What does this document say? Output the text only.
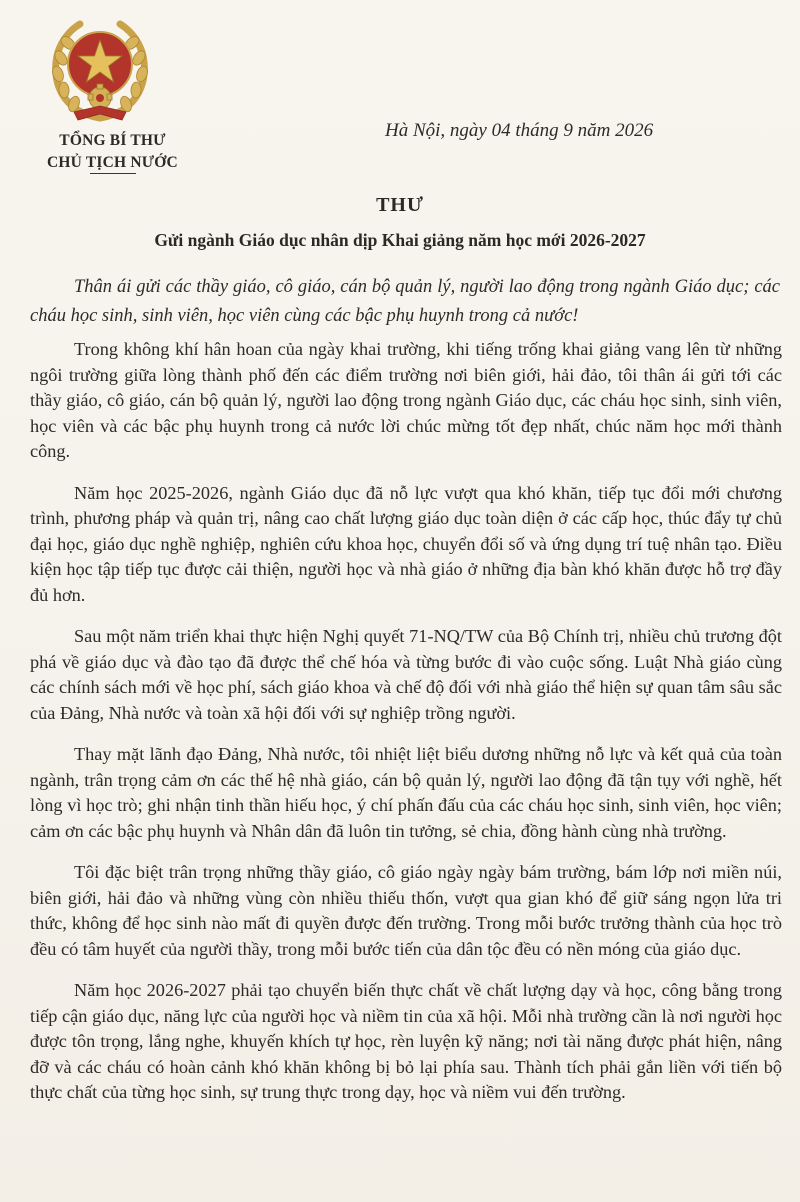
TỔNG BÍ THƯ
CHỦ TỊCH NƯỚC
Hà Nội, ngày 04 tháng 9 năm 2026
THƯ
Gửi ngành Giáo dục nhân dịp Khai giảng năm học mới 2026-2027
Thân ái gửi các thầy giáo, cô giáo, cán bộ quản lý, người lao động trong ngành Giáo dục; các cháu học sinh, sinh viên, học viên cùng các bậc phụ huynh trong cả nước!

Trong không khí hân hoan của ngày khai trường, khi tiếng trống khai giảng vang lên từ những ngôi trường giữa lòng thành phố đến các điểm trường nơi biên giới, hải đảo, tôi thân ái gửi tới các thầy giáo, cô giáo, cán bộ quản lý, người lao động trong ngành Giáo dục, các cháu học sinh, sinh viên, học viên và các bậc phụ huynh trong cả nước lời chúc mừng tốt đẹp nhất, chúc năm học mới thành công.

Năm học 2025-2026, ngành Giáo dục đã nỗ lực vượt qua khó khăn, tiếp tục đổi mới chương trình, phương pháp và quản trị, nâng cao chất lượng giáo dục toàn diện ở các cấp học, thúc đẩy tự chủ đại học, giáo dục nghề nghiệp, nghiên cứu khoa học, chuyển đổi số và ứng dụng trí tuệ nhân tạo. Điều kiện học tập tiếp tục được cải thiện, người học và nhà giáo ở những địa bàn khó khăn được hỗ trợ đầy đủ hơn.

Sau một năm triển khai thực hiện Nghị quyết 71-NQ/TW của Bộ Chính trị, nhiều chủ trương đột phá về giáo dục và đào tạo đã được thể chế hóa và từng bước đi vào cuộc sống. Luật Nhà giáo cùng các chính sách mới về học phí, sách giáo khoa và chế độ đối với nhà giáo thể hiện sự quan tâm sâu sắc của Đảng, Nhà nước và toàn xã hội đối với sự nghiệp trồng người.

Thay mặt lãnh đạo Đảng, Nhà nước, tôi nhiệt liệt biểu dương những nỗ lực và kết quả của toàn ngành, trân trọng cảm ơn các thế hệ nhà giáo, cán bộ quản lý, người lao động đã tận tụy với nghề, hết lòng vì học trò; ghi nhận tinh thần hiếu học, ý chí phấn đấu của các cháu học sinh, sinh viên, học viên; cảm ơn các bậc phụ huynh và Nhân dân đã luôn tin tưởng, sẻ chia, đồng hành cùng nhà trường.

Tôi đặc biệt trân trọng những thầy giáo, cô giáo ngày ngày bám trường, bám lớp nơi miền núi, biên giới, hải đảo và những vùng còn nhiều thiếu thốn, vượt qua gian khó để giữ sáng ngọn lửa tri thức, không để học sinh nào mất đi quyền được đến trường. Trong mỗi bước trưởng thành của học trò đều có tâm huyết của người thầy, trong mỗi bước tiến của dân tộc đều có nền móng của giáo dục.

Năm học 2026-2027 phải tạo chuyển biến thực chất về chất lượng dạy và học, công bằng trong tiếp cận giáo dục, năng lực của người học và niềm tin của xã hội. Mỗi nhà trường cần là nơi người học được tôn trọng, lắng nghe, khuyến khích tự học, rèn luyện kỹ năng; nơi tài năng được phát hiện, nâng đỡ và các cháu có hoàn cảnh khó khăn không bị bỏ lại phía sau. Thành tích phải gắn liền với tiến bộ thực chất của từng học sinh, sự trung thực trong dạy, học và niềm vui đến trường.
